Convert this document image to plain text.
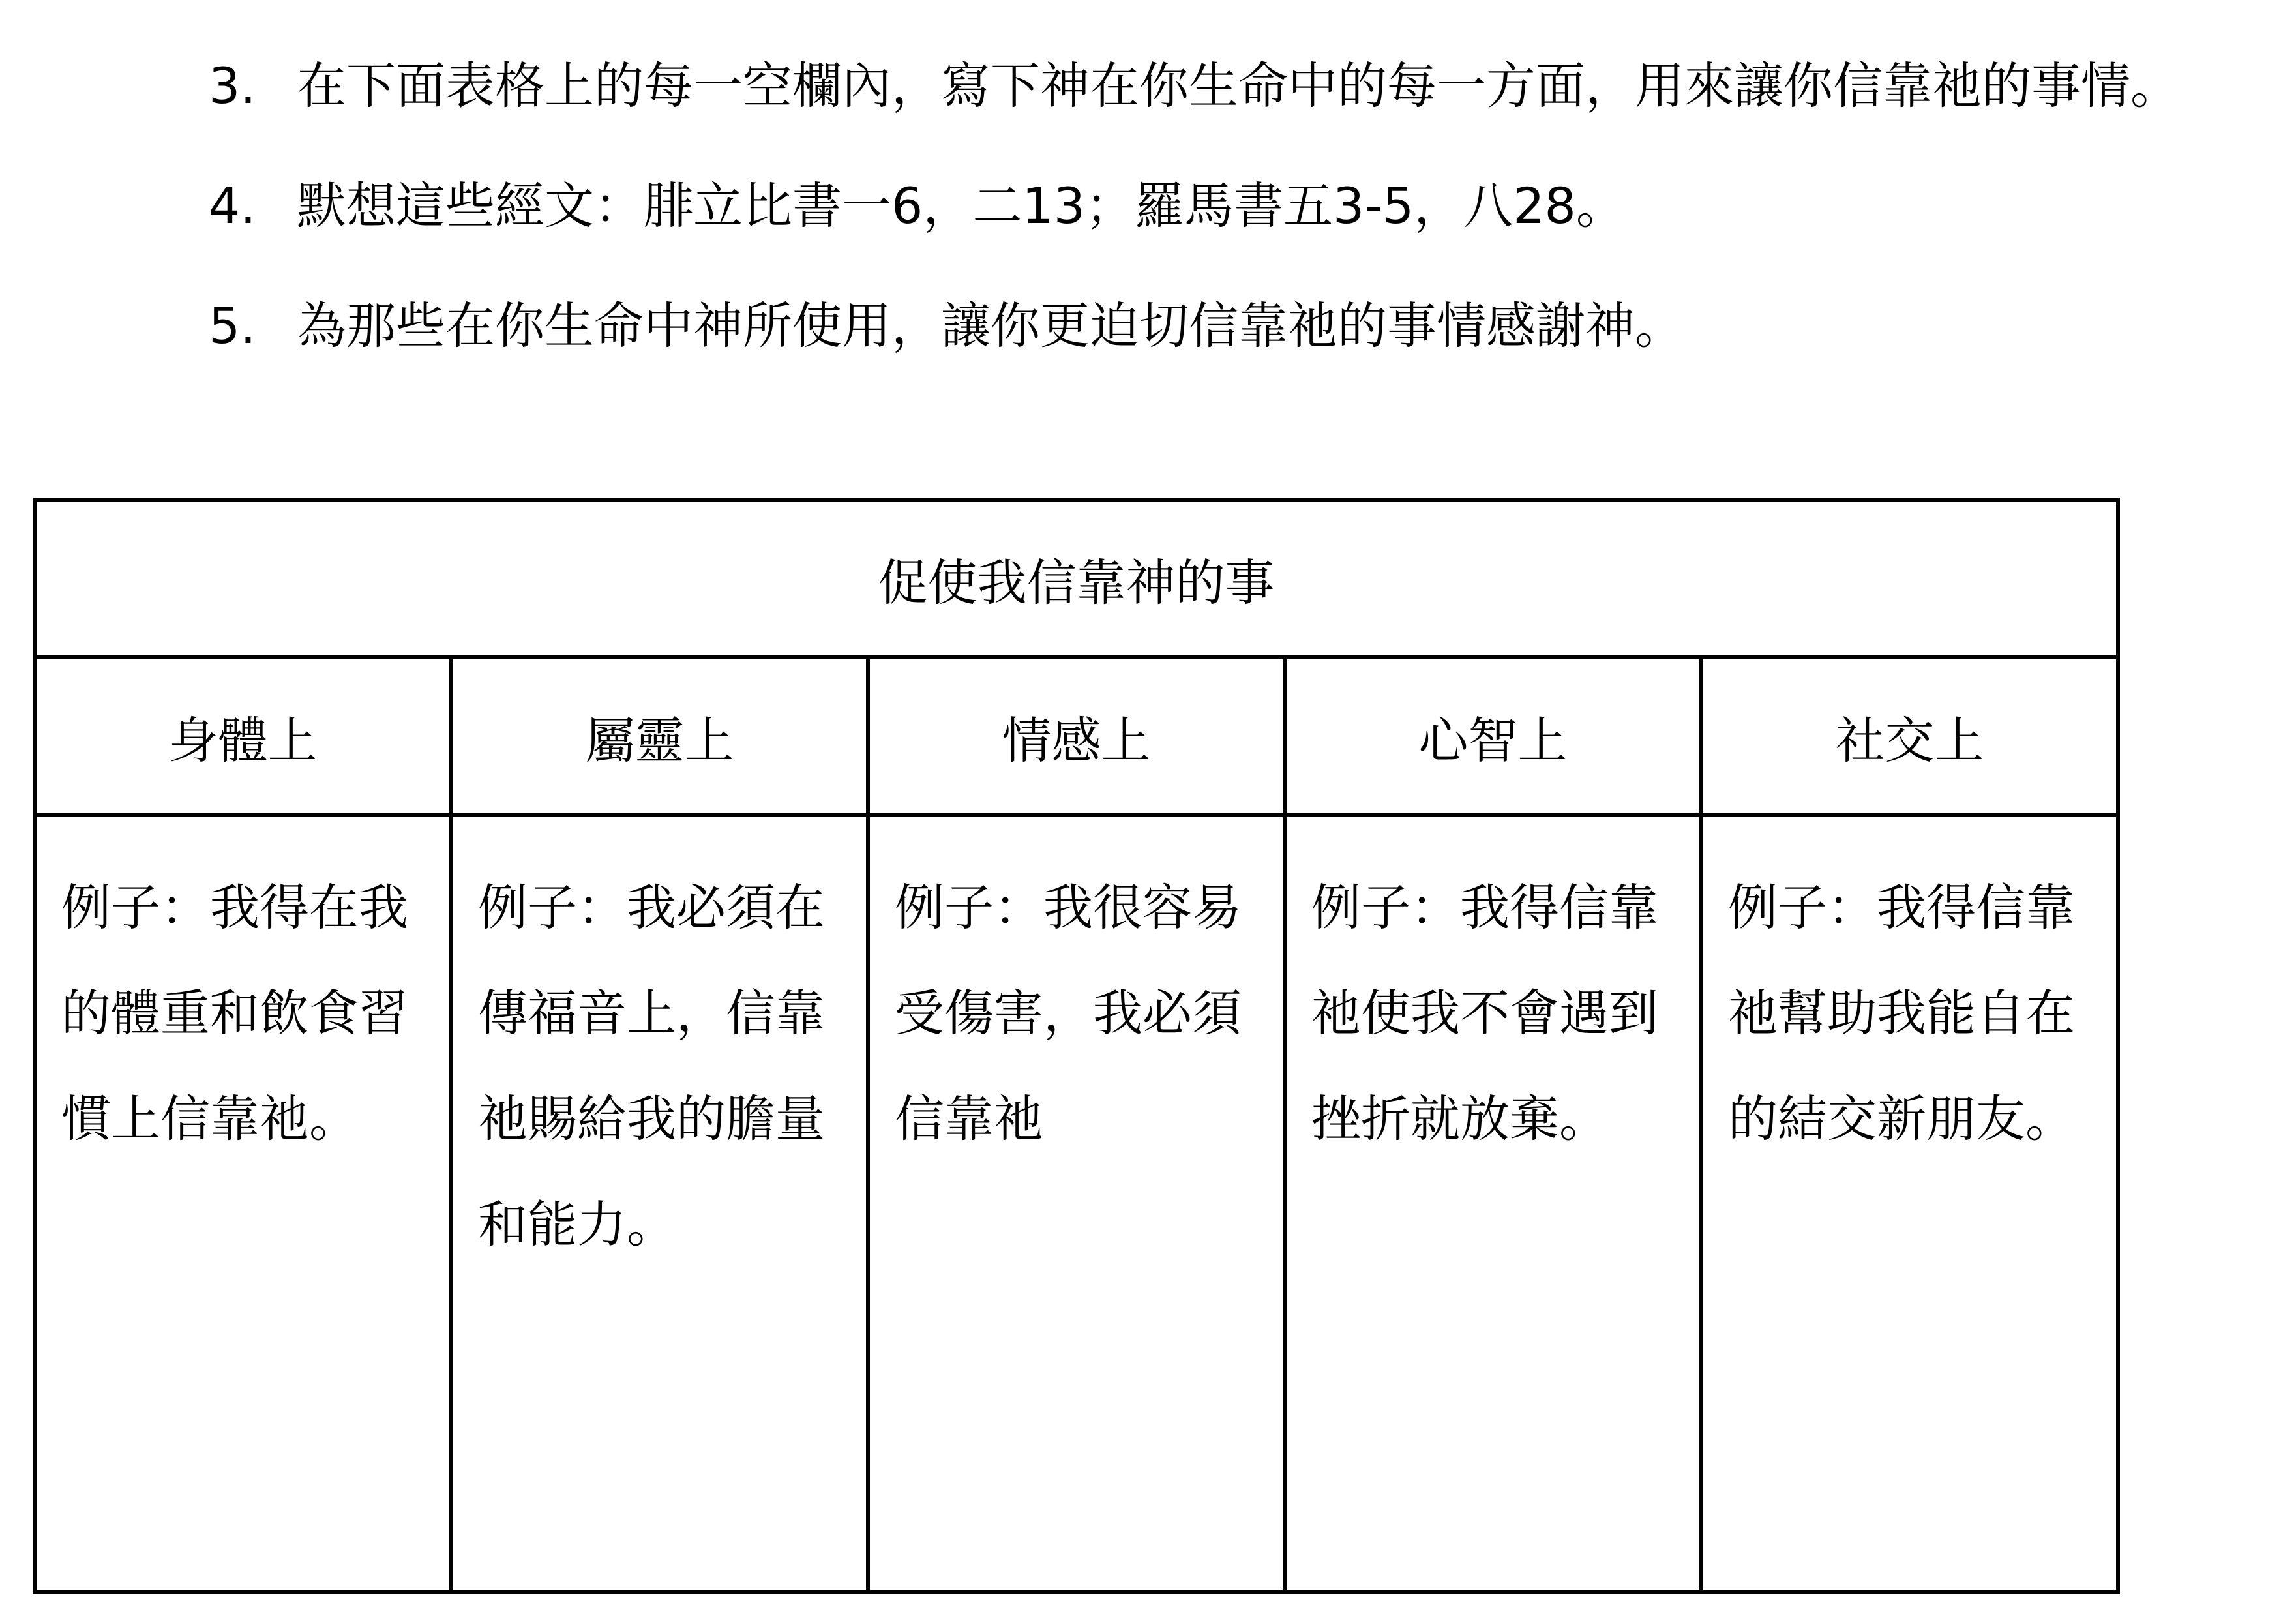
3. 在下面表格上的每一空欄內，寫下神在你生命中的每一方面，用來讓你信靠祂的事情。
4. 默想這些經文：腓立比書一6，二13；羅馬書五3-5，八28。
5. 為那些在你生命中神所使用，讓你更迫切信靠祂的事情感謝神。
促使我信靠神的事				
身體上	屬靈上	情感上	心智上	社交上
例子：我得在我的體重和飲食習慣上信靠祂。	例子：我必須在傳福音上，信靠祂賜給我的膽量和能力。	例子：我很容易受傷害，我必須信靠祂	例子：我得信靠祂使我不會遇到挫折就放棄。	例子：我得信靠祂幫助我能自在的結交新朋友。
